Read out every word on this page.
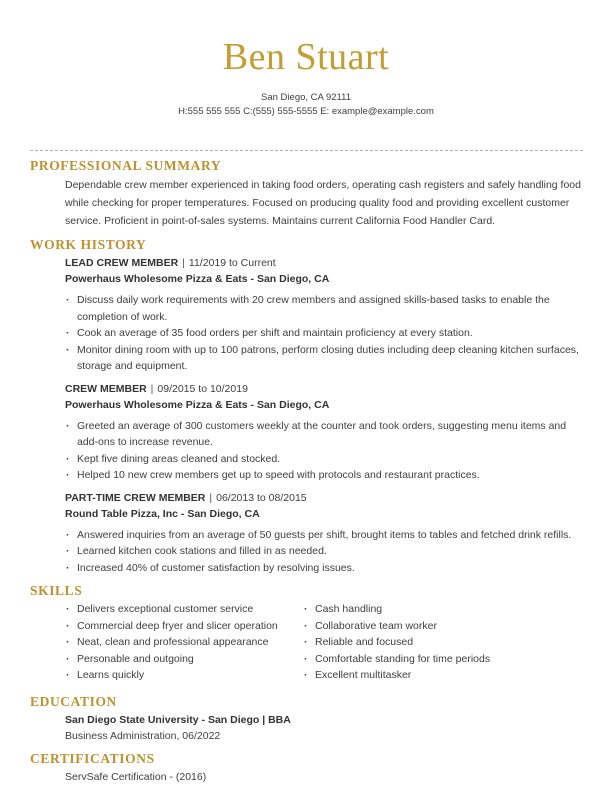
Ben Stuart
San Diego, CA 92111
H:555 555 555 C:(555) 555-5555 E: example@example.com
PROFESSIONAL SUMMARY
Dependable crew member experienced in taking food orders, operating cash registers and safely handling food while checking for proper temperatures. Focused on producing quality food and providing excellent customer service. Proficient in point-of-sales systems. Maintains current California Food Handler Card.
WORK HISTORY
LEAD CREW MEMBER | 11/2019 to Current
Powerhaus Wholesome Pizza & Eats - San Diego, CA
· Discuss daily work requirements with 20 crew members and assigned skills-based tasks to enable the completion of work.
· Cook an average of 35 food orders per shift and maintain proficiency at every station.
· Monitor dining room with up to 100 patrons, perform closing duties including deep cleaning kitchen surfaces, storage and equipment.
CREW MEMBER | 09/2015 to 10/2019
Powerhaus Wholesome Pizza & Eats - San Diego, CA
· Greeted an average of 300 customers weekly at the counter and took orders, suggesting menu items and add-ons to increase revenue.
· Kept five dining areas cleaned and stocked.
· Helped 10 new crew members get up to speed with protocols and restaurant practices.
PART-TIME CREW MEMBER | 06/2013 to 08/2015
Round Table Pizza, Inc - San Diego, CA
· Answered inquiries from an average of 50 guests per shift, brought items to tables and fetched drink refills.
· Learned kitchen cook stations and filled in as needed.
· Increased 40% of customer satisfaction by resolving issues.
SKILLS
· Delivers exceptional customer service
· Commercial deep fryer and slicer operation
· Neat, clean and professional appearance
· Personable and outgoing
· Learns quickly
· Cash handling
· Collaborative team worker
· Reliable and focused
· Comfortable standing for time periods
· Excellent multitasker
EDUCATION
San Diego State University - San Diego | BBA
Business Administration, 06/2022
CERTIFICATIONS
ServSafe Certification - (2016)
